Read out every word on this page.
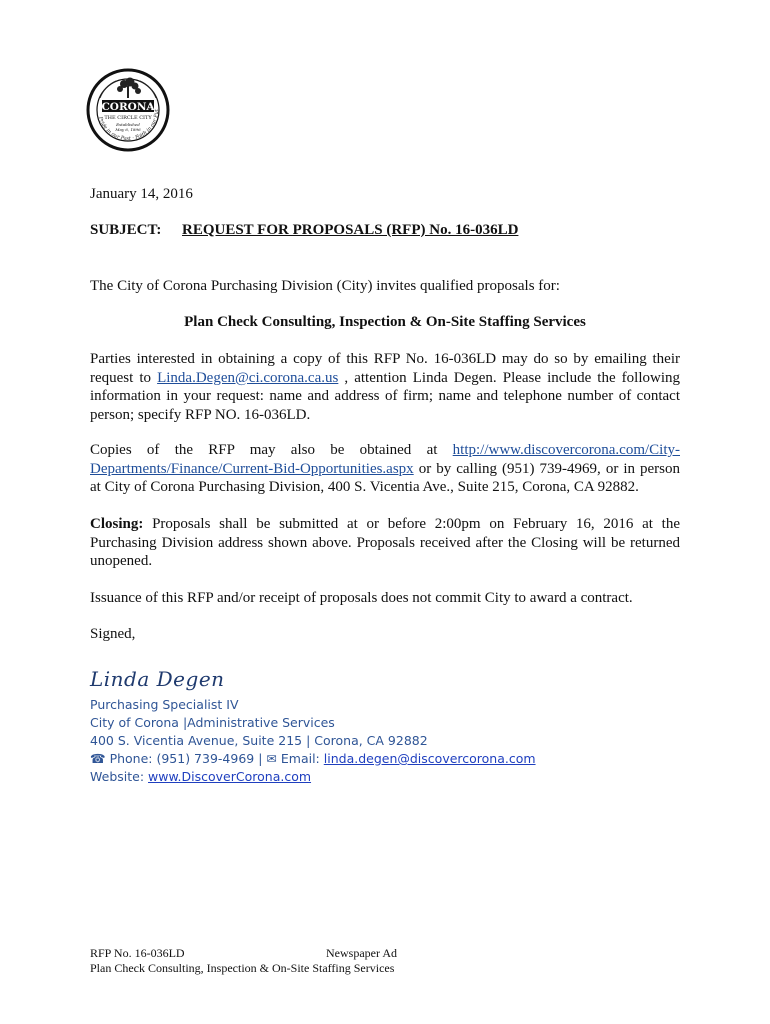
CORONA
THE CIRCLE CITY
Established
May 6, 1896
Pride in our Past · Faith in our Fut
January 14, 2016
SUBJECT: REQUEST FOR PROPOSALS (RFP) No. 16-036LD
The City of Corona Purchasing Division (City) invites qualified proposals for:
Plan Check Consulting, Inspection & On-Site Staffing Services
Parties interested in obtaining a copy of this RFP No. 16-036LD may do so by emailing their request to Linda.Degen@ci.corona.ca.us , attention Linda Degen. Please include the following information in your request: name and address of firm; name and telephone number of contact person; specify RFP NO. 16-036LD.
Copies of the RFP may also be obtained at http://www.discovercorona.com/City-Departments/Finance/Current-Bid-Opportunities.aspx or by calling (951) 739-4969, or in person at City of Corona Purchasing Division, 400 S. Vicentia Ave., Suite 215, Corona, CA 92882.
Closing: Proposals shall be submitted at or before 2:00pm on February 16, 2016 at the Purchasing Division address shown above. Proposals received after the Closing will be returned unopened.
Issuance of this RFP and/or receipt of proposals does not commit City to award a contract.
Signed,
Linda Degen
Purchasing Specialist IV
City of Corona |Administrative Services
400 S. Vicentia Avenue, Suite 215 | Corona, CA 92882
☎ Phone: (951) 739-4969 | ✉ Email: linda.degen@discovercorona.com
Website: www.DiscoverCorona.com
RFP No. 16-036LD	Newspaper Ad
Plan Check Consulting, Inspection & On-Site Staffing Services
